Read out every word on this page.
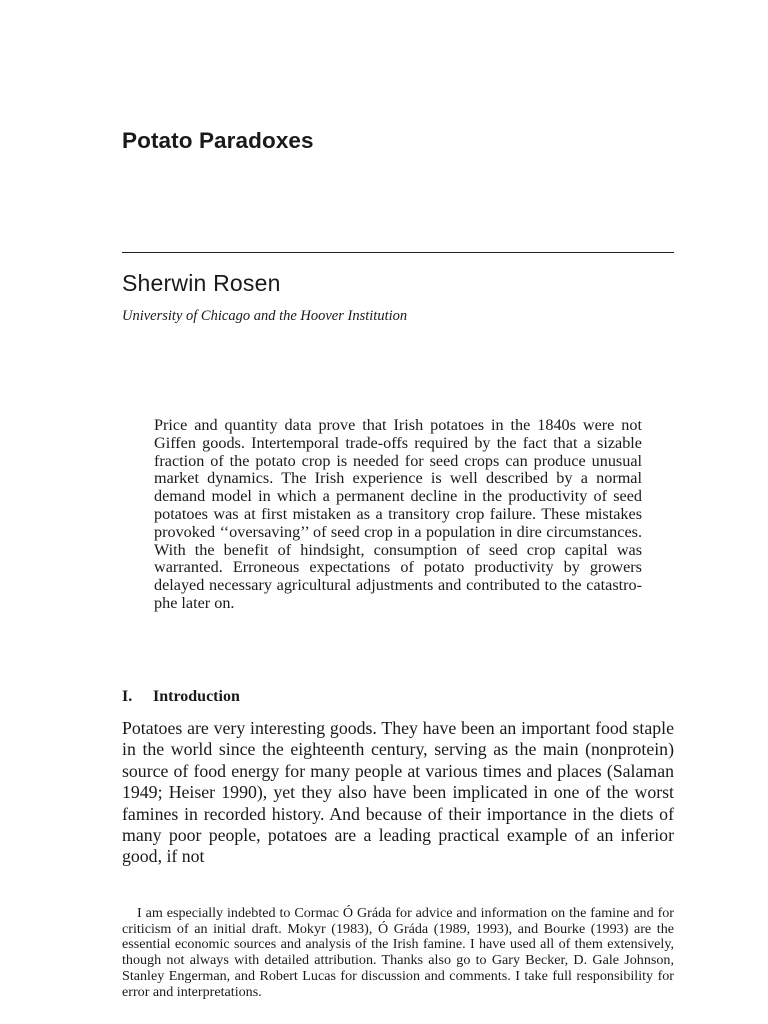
Potato Paradoxes
Sherwin Rosen

University of Chicago and the Hoover Institution

Price and quantity data prove that Irish potatoes in the 1840s were not Giffen goods. Intertemporal trade-offs required by the fact that a sizable fraction of the potato crop is needed for seed crops can produce unusual market dynamics. The Irish experience is well described by a normal demand model in which a permanent decline in the productivity of seed potatoes was at first mistaken as a transitory crop failure. These mistakes provoked ‘‘oversaving’’ of seed crop in a population in dire circumstances. With the benefit of hindsight, consumption of seed crop capital was warranted. Erroneous expectations of potato productivity by growers delayed necessary agricultural adjustments and contributed to the catastrophe later on.

I. Introduction

Potatoes are very interesting goods. They have been an important food staple in the world since the eighteenth century, serving as the main (nonprotein) source of food energy for many people at various times and places (Salaman 1949; Heiser 1990), yet they also have been implicated in one of the worst famines in recorded history. And because of their importance in the diets of many poor people, potatoes are a leading practical example of an inferior good, if not

I am especially indebted to Cormac Ó Gráda for advice and information on the famine and for criticism of an initial draft. Mokyr (1983), Ó Gráda (1989, 1993), and Bourke (1993) are the essential economic sources and analysis of the Irish famine. I have used all of them extensively, though not always with detailed attribution. Thanks also go to Gary Becker, D. Gale Johnson, Stanley Engerman, and Robert Lucas for discussion and comments. I take full responsibility for error and interpretations.
